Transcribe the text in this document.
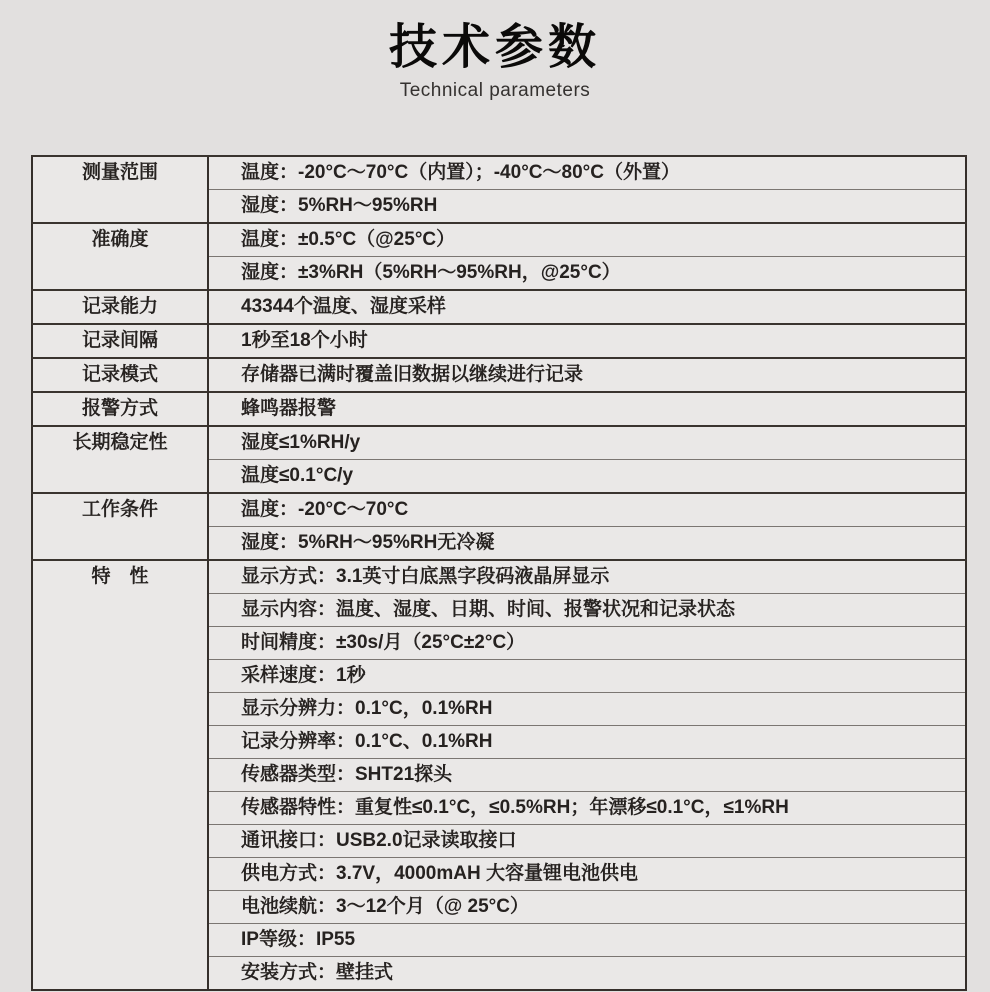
技术参数
Technical parameters
测量范围	温度：-20°C～70°C（内置）；-40°C～80°C（外置）
	湿度：5%RH～95%RH

准确度	温度：±0.5°C（@25°C）
	湿度：±3%RH（5%RH～95%RH，@25°C）

记录能力	43344个温度、湿度采样

记录间隔	1秒至18个小时

记录模式	存储器已满时覆盖旧数据以继续进行记录

报警方式	蜂鸣器报警

长期稳定性	湿度≤1%RH/y
	温度≤0.1°C/y

工作条件	温度：-20°C～70°C
	湿度：5%RH～95%RH无冷凝

特　性	显示方式：3.1英寸白底黑字段码液晶屏显示
	显示内容：温度、湿度、日期、时间、报警状况和记录状态
	时间精度：±30s/月（25°C±2°C）
	采样速度：1秒
	显示分辨力：0.1°C，0.1%RH
	记录分辨率：0.1°C、0.1%RH
	传感器类型：SHT21探头
	传感器特性：重复性≤0.1°C，≤0.5%RH；年漂移≤0.1°C，≤1%RH
	通讯接口：USB2.0记录读取接口
	供电方式：3.7V，4000mAH 大容量锂电池供电
	电池续航：3～12个月（@ 25°C）
	IP等级：IP55
	安装方式：壁挂式
